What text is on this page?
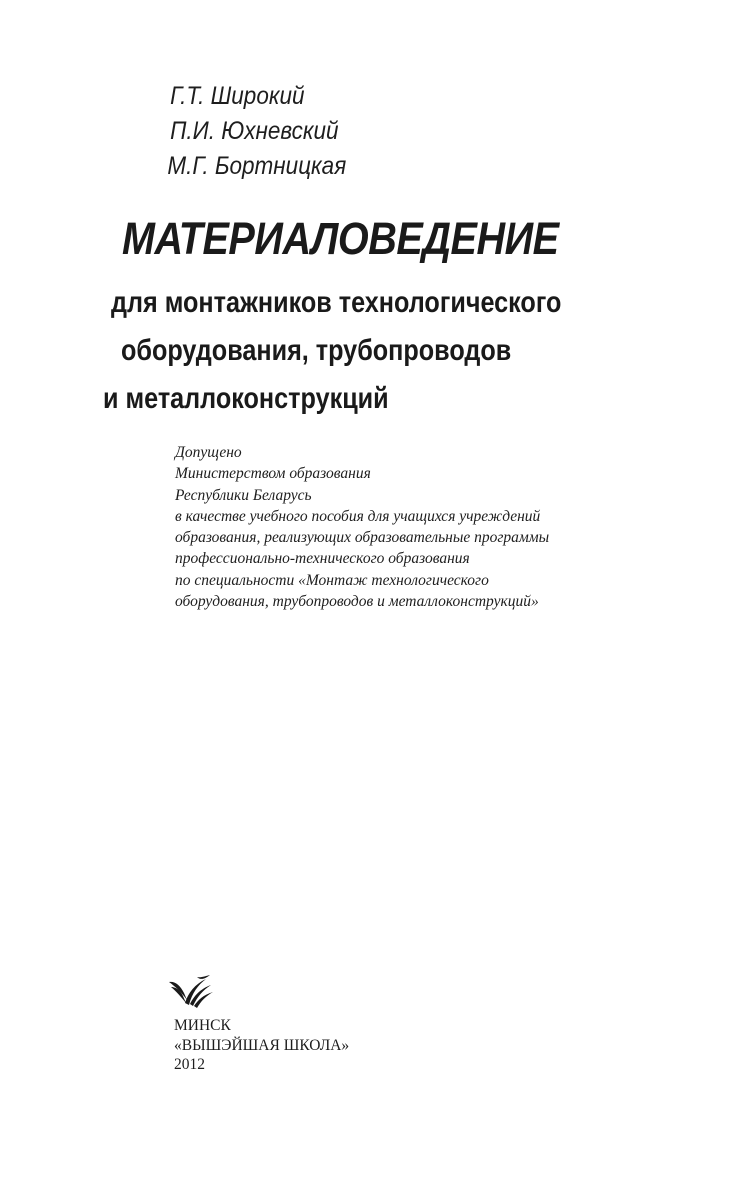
Г.Т. Широкий
П.И. Юхневский
М.Г. Бортницкая
МАТЕРИАЛОВЕДЕНИЕ
для монтажников технологического
оборудования, трубопроводов
и металлоконструкций
Допущено
Министерством образования
Республики Беларусь
в качестве учебного пособия для учащихся учреждений
образования, реализующих образовательные программы
профессионально-технического образования
по специальности «Монтаж технологического
оборудования, трубопроводов и металлоконструкций»
МИНСК
«ВЫШЭЙШАЯ ШКОЛА»
2012
